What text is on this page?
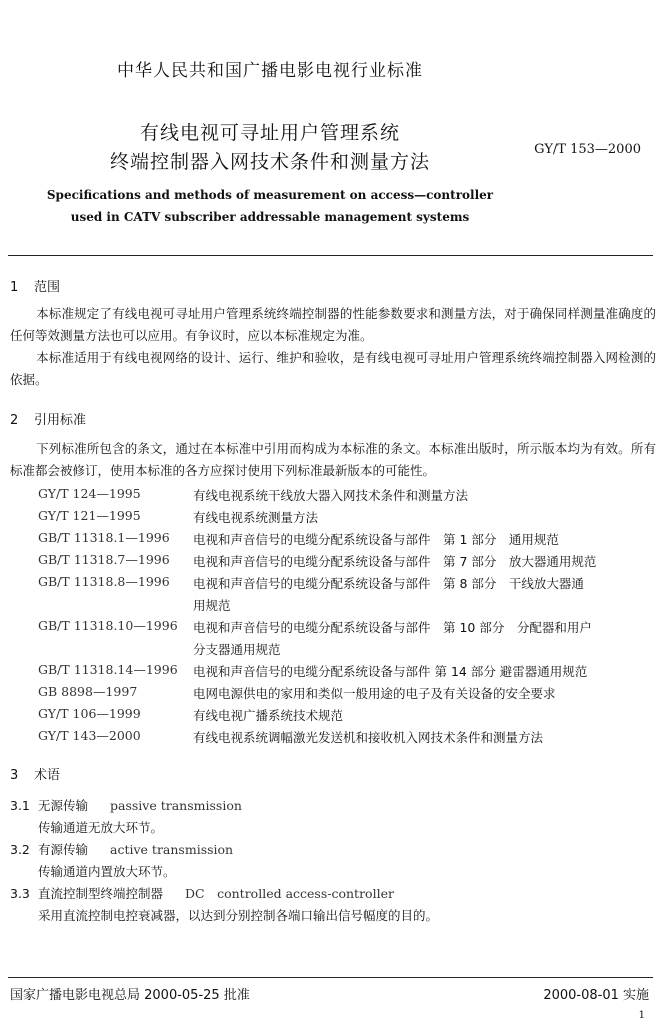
中华人民共和国广播电影电视行业标准
有线电视可寻址用户管理系统
终端控制器入网技术条件和测量方法
GY/T 153—2000
Specifications and methods of measurement on access—controller
used in CATV subscriber addressable management systems
1 范围
本标准规定了有线电视可寻址用户管理系统终端控制器的性能参数要求和测量方法，对于确保同样测量准确度的任何等效测量方法也可以应用。有争议时，应以本标准规定为准。
本标准适用于有线电视网络的设计、运行、维护和验收，是有线电视可寻址用户管理系统终端控制器入网检测的依据。
2 引用标准
下列标准所包含的条文，通过在本标准中引用而构成为本标准的条文。本标准出版时，所示版本均为有效。所有标准都会被修订，使用本标准的各方应探讨使用下列标准最新版本的可能性。
GY/T 124—1995	有线电视系统干线放大器入网技术条件和测量方法
GY/T 121—1995	有线电视系统测量方法
GB/T 11318.1—1996 电视和声音信号的电缆分配系统设备与部件　第 1 部分　通用规范
GB/T 11318.7—1996 电视和声音信号的电缆分配系统设备与部件　第 7 部分　放大器通用规范
GB/T 11318.8—1996 电视和声音信号的电缆分配系统设备与部件　第 8 部分　干线放大器通
用规范
GB/T 11318.10—1996 电视和声音信号的电缆分配系统设备与部件　第 10 部分　分配器和用户
分支器通用规范
GB/T 11318.14—1996 电视和声音信号的电缆分配系统设备与部件 第 14 部分 避雷器通用规范
GB 8898—1997	电网电源供电的家用和类似一般用途的电子及有关设备的安全要求
GY/T 106—1999	有线电视广播系统技术规范
GY/T 143—2000	有线电视系统调幅激光发送机和接收机入网技术条件和测量方法
3 术语
3.1 无源传输 passive transmission
传输通道无放大环节。
3.2 有源传输 active transmission
传输通道内置放大环节。
3.3 直流控制型终端控制器 DC　controlled access-controller
采用直流控制电控衰减器，以达到分别控制各端口输出信号幅度的目的。
国家广播电影电视总局 2000-05-25 批准	2000-08-01 实施
1
